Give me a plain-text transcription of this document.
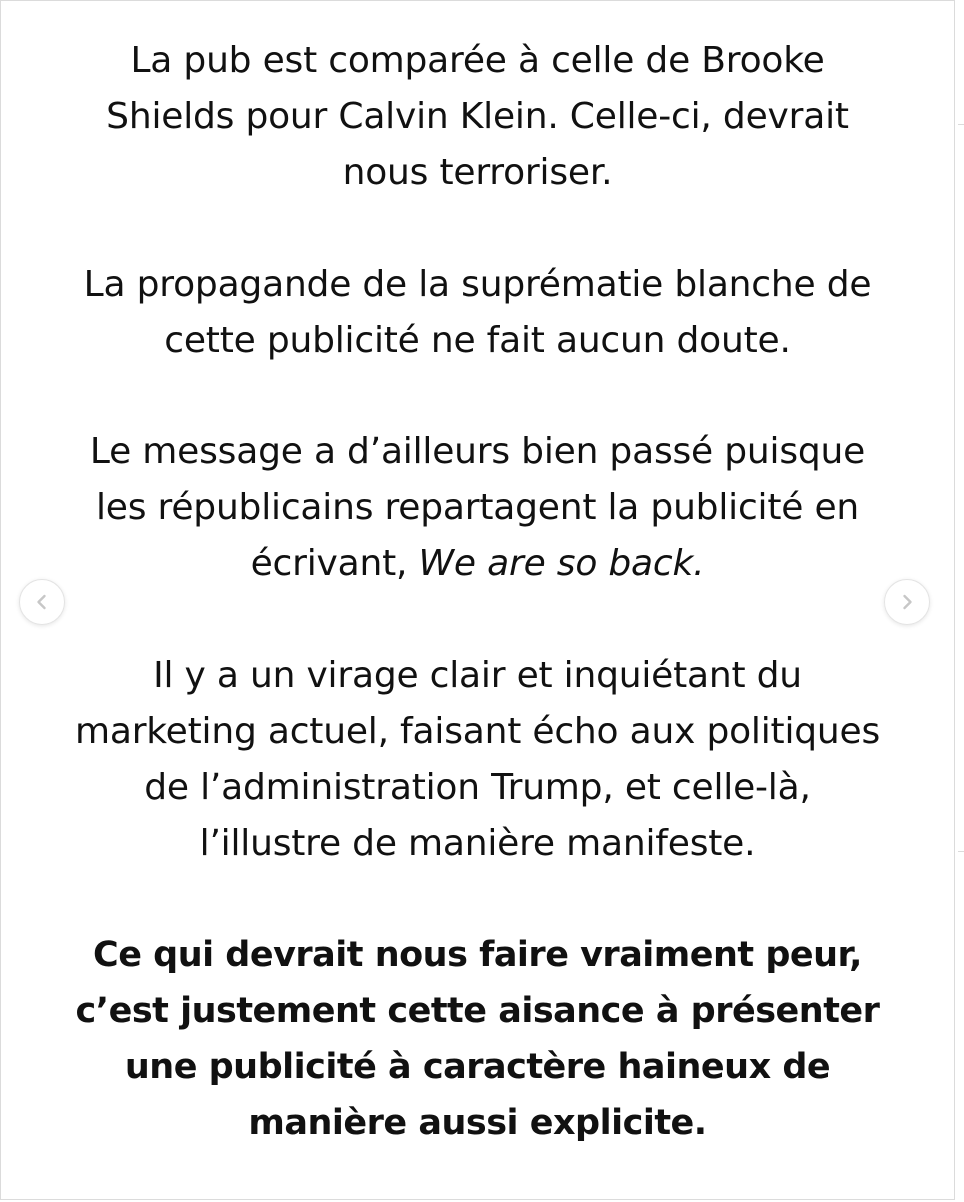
La pub est comparée à celle de Brooke
Shields pour Calvin Klein. Celle-ci, devrait
nous terroriser.

La propagande de la suprématie blanche de
cette publicité ne fait aucun doute.

Le message a d’ailleurs bien passé puisque
les républicains repartagent la publicité en
écrivant, We are so back.

Il y a un virage clair et inquiétant du
marketing actuel, faisant écho aux politiques
de l’administration Trump, et celle-là,
l’illustre de manière manifeste.

Ce qui devrait nous faire vraiment peur,
c’est justement cette aisance à présenter
une publicité à caractère haineux de
manière aussi explicite.
